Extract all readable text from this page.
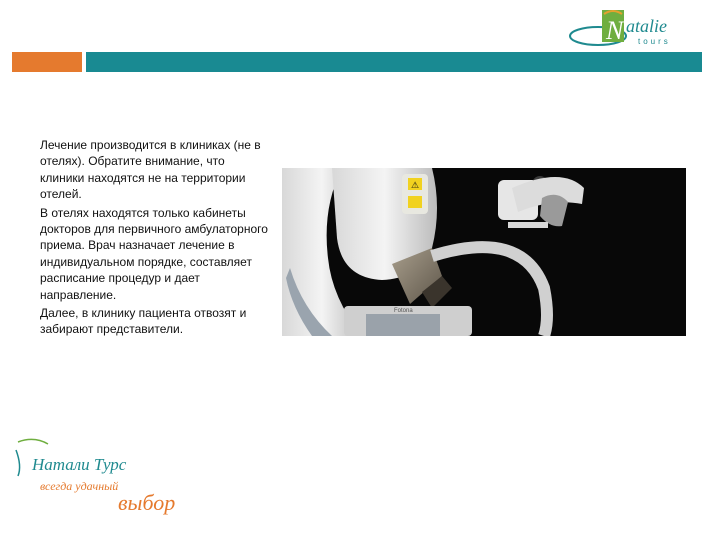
N atalie
tours

Лечение производится в клиниках (не в отелях). Обратите внимание, что клиники находятся не на территории отелей.

В отелях находятся только кабинеты докторов для первичного амбулаторного приема. Врач назначает лечение в индивидуальном порядке, составляет расписание процедур и дает направление.

Далее, в клинику пациента отвозят и забирают представители.

⚠
Fotona
Натали Турс
всегда удачный
выбор
